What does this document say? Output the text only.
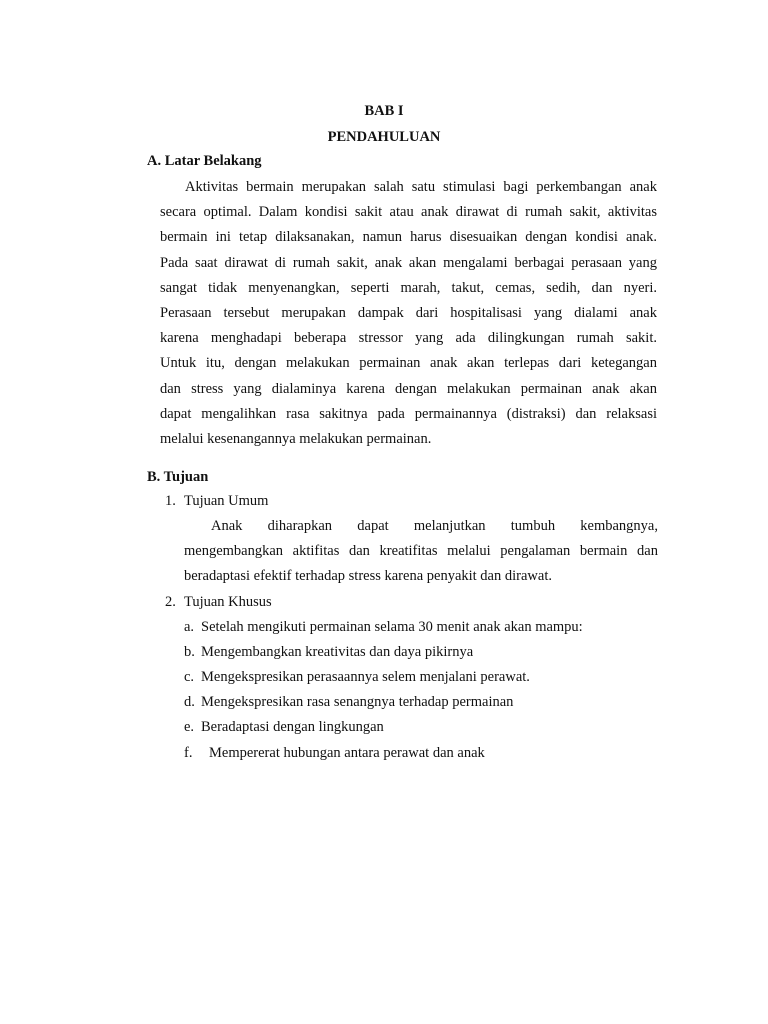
BAB I
PENDAHULUAN
A. Latar Belakang
Aktivitas bermain merupakan salah satu stimulasi bagi perkembangan anak
secara optimal. Dalam kondisi sakit atau anak dirawat di rumah sakit, aktivitas
bermain ini tetap dilaksanakan, namun harus disesuaikan dengan kondisi anak.
Pada saat dirawat di rumah sakit, anak akan mengalami berbagai perasaan yang
sangat tidak menyenangkan, seperti marah, takut, cemas, sedih, dan nyeri.
Perasaan tersebut merupakan dampak dari hospitalisasi yang dialami anak
karena menghadapi beberapa stressor yang ada dilingkungan rumah sakit.
Untuk itu, dengan melakukan permainan anak akan terlepas dari ketegangan
dan stress yang dialaminya karena dengan melakukan permainan anak akan
dapat mengalihkan rasa sakitnya pada permainannya (distraksi) dan relaksasi
melalui kesenangannya melakukan permainan.
B. Tujuan
1. Tujuan Umum
Anak diharapkan dapat melanjutkan tumbuh kembangnya,
mengembangkan aktifitas dan kreatifitas melalui pengalaman bermain dan
beradaptasi efektif terhadap stress karena penyakit dan dirawat.
2. Tujuan Khusus
a. Setelah mengikuti permainan selama 30 menit anak akan mampu:
b. Mengembangkan kreativitas dan daya pikirnya
c. Mengekspresikan perasaannya selem menjalani perawat.
d. Mengekspresikan rasa senangnya terhadap permainan
e. Beradaptasi dengan lingkungan
f. Mempererat hubungan antara perawat dan anak
